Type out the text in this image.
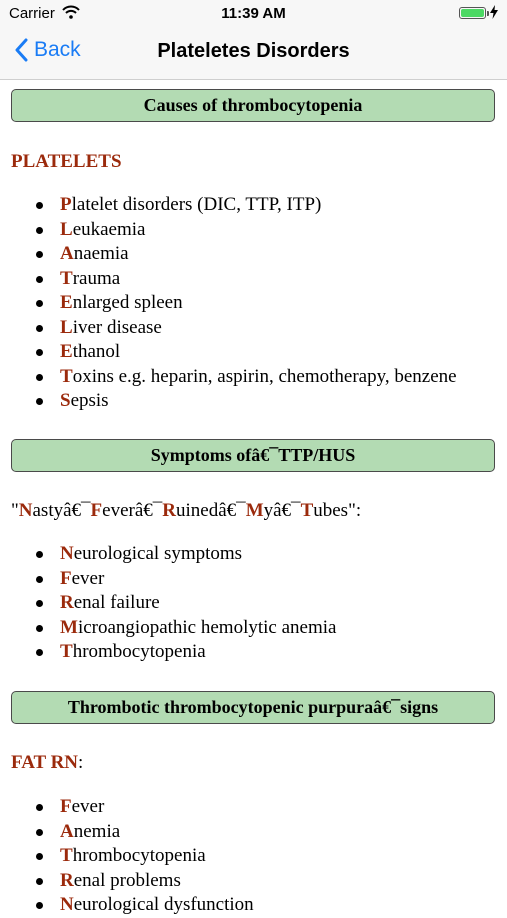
Carrier	11:39 AM
Back	Plateletes Disorders
Causes of thrombocytopenia
PLATELETS
Platelet disorders (DIC, TTP, ITP)
Leukaemia
Anaemia
Trauma
Enlarged spleen
Liver disease
Ethanol
Toxins e.g. heparin, aspirin, chemotherapy, benzene
Sepsis
Symptoms ofâ€¯TTP/HUS
"Nastyâ€¯Feverâ€¯Ruinedâ€¯Myâ€¯Tubes":
Neurological symptoms
Fever
Renal failure
Microangiopathic hemolytic anemia
Thrombocytopenia
Thrombotic thrombocytopenic purpuraâ€¯signs
FAT RN:
Fever
Anemia
Thrombocytopenia
Renal problems
Neurological dysfunction
